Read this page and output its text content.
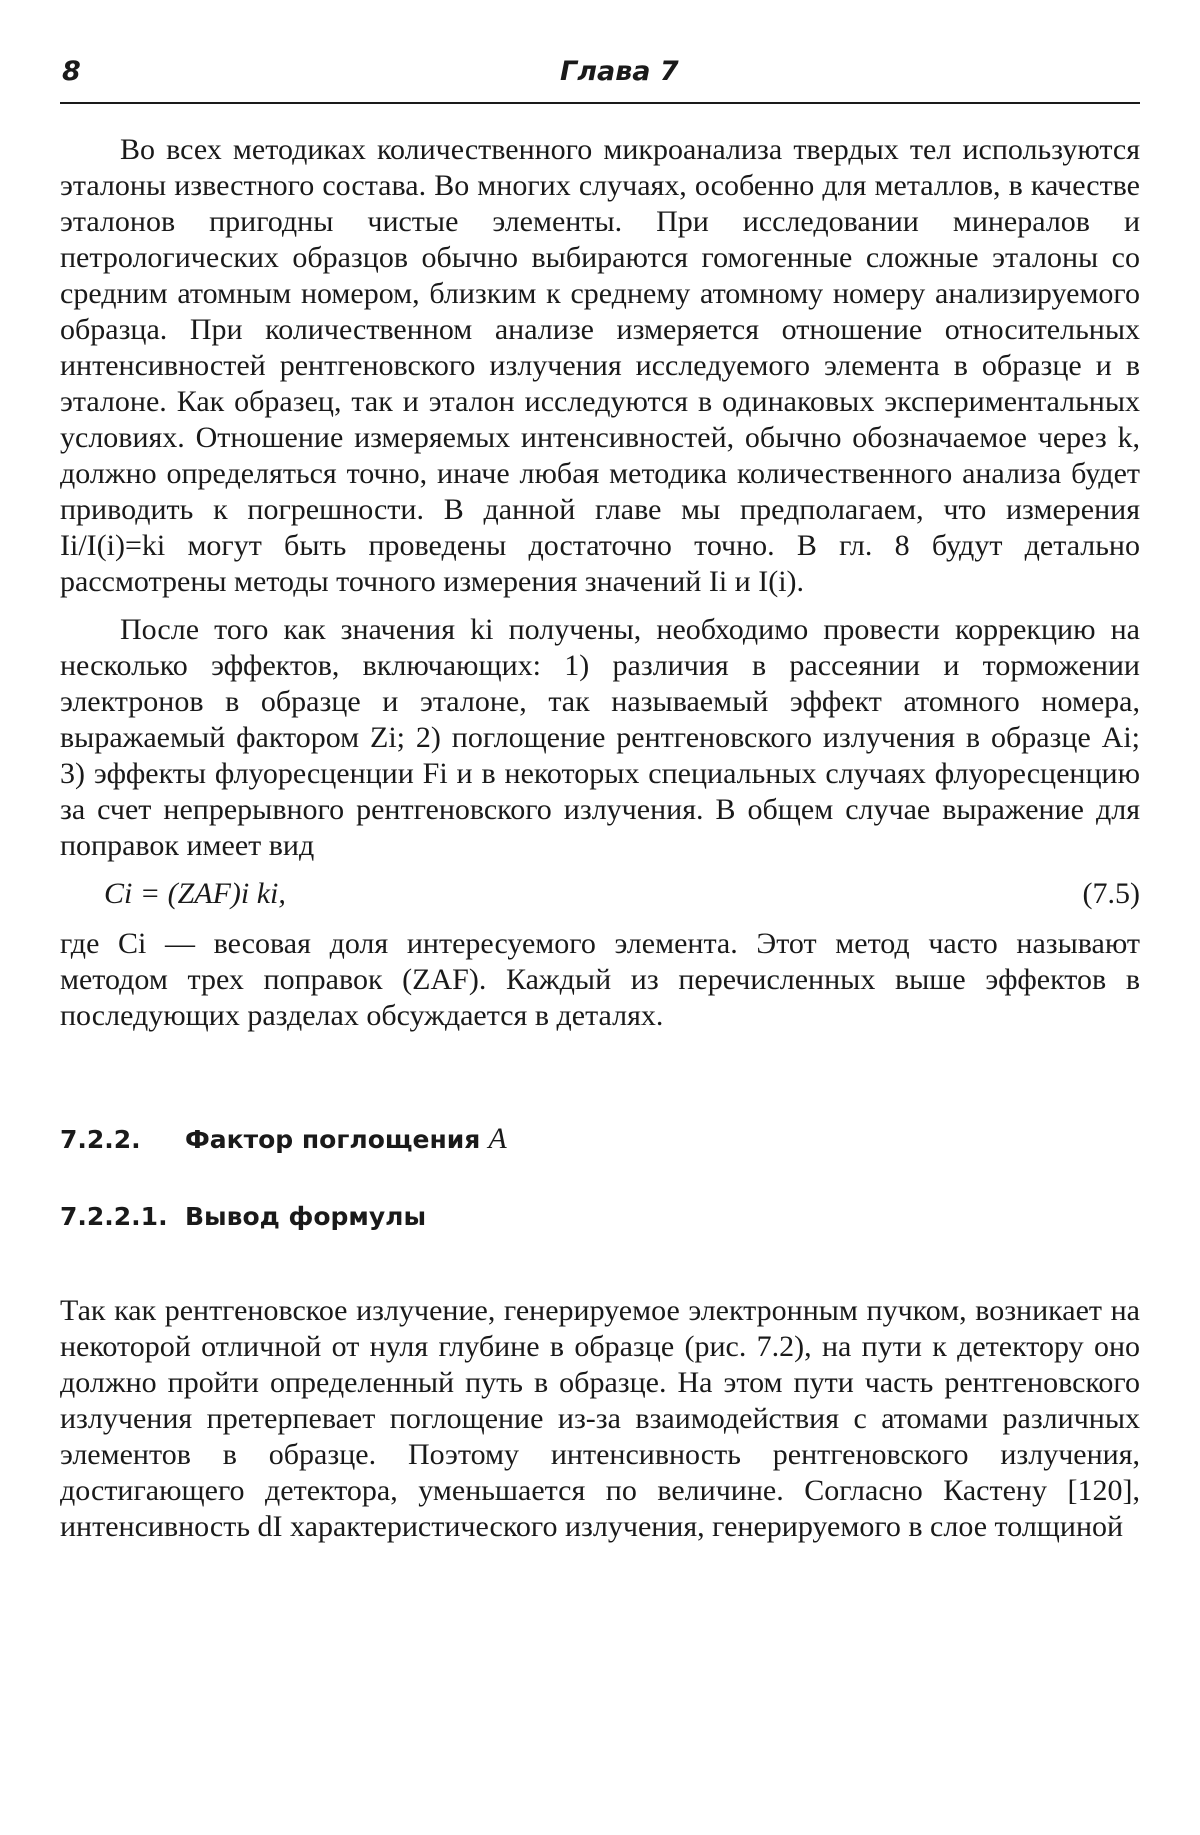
8	Глава 7

Во всех методиках количественного микроанализа твердых тел используются эталоны известного состава. Во многих случаях, особенно для металлов, в качестве эталонов пригодны чистые элементы. При исследовании минералов и петрологических образцов обычно выбираются гомогенные сложные эталоны со средним атомным номером, близким к среднему атомному номеру анализируемого образца. При количественном анализе измеряется отношение относительных интенсивностей рентгеновского излучения исследуемого элемента в образце и в эталоне. Как образец, так и эталон исследуются в одинаковых экспериментальных условиях. Отношение измеряемых интенсивностей, обычно обозначаемое через k, должно определяться точно, иначе любая методика количественного анализа будет приводить к погрешности. В данной главе мы предполагаем, что измерения Ii/I(i)=ki могут быть проведены достаточно точно. В гл. 8 будут детально рассмотрены методы точного измерения значений Ii и I(i).

После того как значения ki получены, необходимо провести коррекцию на несколько эффектов, включающих: 1) различия в рассеянии и торможении электронов в образце и эталоне, так называемый эффект атомного номера, выражаемый фактором Zi; 2) поглощение рентгеновского излучения в образце Ai; 3) эффекты флуоресценции Fi и в некоторых специальных случаях флуоресценцию за счет непрерывного рентгеновского излучения. В общем случае выражение для поправок имеет вид

Ci = (ZAF)i ki,	(7.5)

где Ci — весовая доля интересуемого элемента. Этот метод часто называют методом трех поправок (ZAF). Каждый из перечисленных выше эффектов в последующих разделах обсуждается в деталях.

7.2.2.	Фактор поглощения A
7.2.2.1. Вывод формулы

Так как рентгеновское излучение, генерируемое электронным пучком, возникает на некоторой отличной от нуля глубине в образце (рис. 7.2), на пути к детектору оно должно пройти определенный путь в образце. На этом пути часть рентгеновского излучения претерпевает поглощение из-за взаимодействия с атомами различных элементов в образце. Поэтому интенсивность рентгеновского излучения, достигающего детектора, уменьшается по величине. Согласно Кастену [120], интенсивность dI характеристического излучения, генерируемого в слое толщиной
